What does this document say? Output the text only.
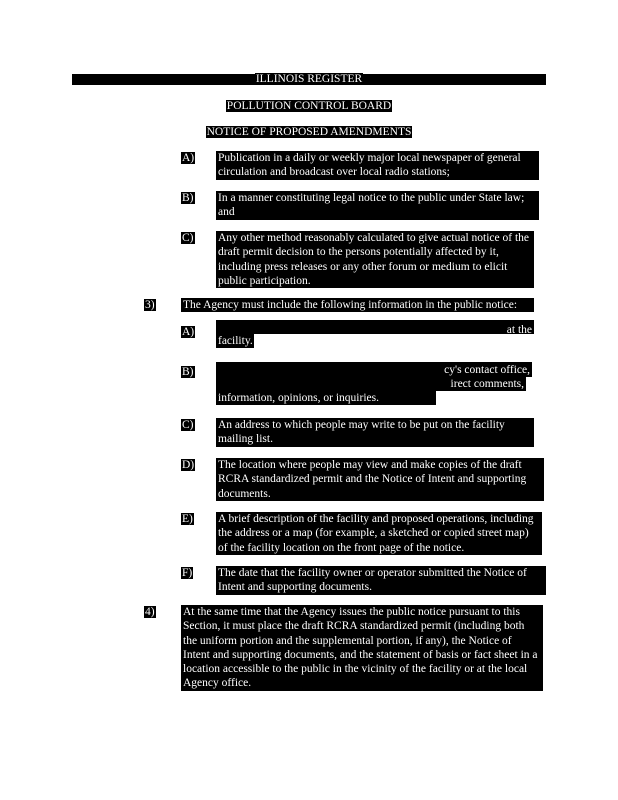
ILLINOIS REGISTER
POLLUTION CONTROL BOARD
NOTICE OF PROPOSED AMENDMENTS
A) Publication in a daily or weekly major local newspaper of general circulation and broadcast over local radio stations;
B) In a manner constituting legal notice to the public under State law; and
C) Any other method reasonably calculated to give actual notice of the draft permit decision to the persons potentially affected by it, including press releases or any other forum or medium to elicit public participation.
3) The Agency must include the following information in the public notice:
A)	at the
facility.
B)	cy's contact office,
irect comments,
information, opinions, or inquiries.
C) An address to which people may write to be put on the facility mailing list.
D) The location where people may view and make copies of the draft RCRA standardized permit and the Notice of Intent and supporting documents.
E) A brief description of the facility and proposed operations, including the address or a map (for example, a sketched or copied street map) of the facility location on the front page of the notice.
F) The date that the facility owner or operator submitted the Notice of Intent and supporting documents.
4) At the same time that the Agency issues the public notice pursuant to this Section, it must place the draft RCRA standardized permit (including both the uniform portion and the supplemental portion, if any), the Notice of Intent and supporting documents, and the statement of basis or fact sheet in a location accessible to the public in the vicinity of the facility or at the local Agency office.
